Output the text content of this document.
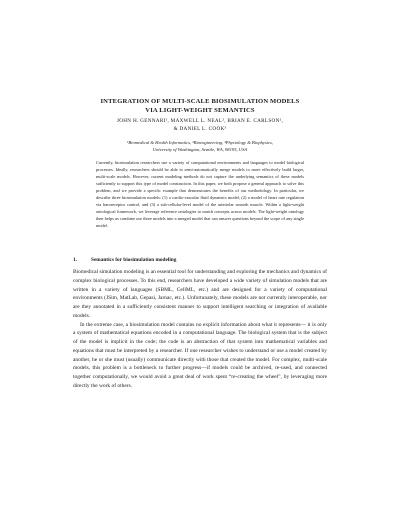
INTEGRATION OF MULTI-SCALE BIOSIMULATION MODELS
VIA LIGHT-WEIGHT SEMANTICS
JOHN H. GENNARI¹, MAXWELL L. NEAL², BRIAN E. CARLSON²,
& DANIEL L. COOK³
¹Biomedical & Health Informatics, ²Bioengineering, ³Physiology & Biophysics,
University of Washington, Seattle, WA, 98195, USA

Currently, biosimulation researchers use a variety of computational environments and languages to model biological processes. Ideally, researchers should be able to semi-automatically merge models to more effectively build larger, multi-scale models. However, current modeling methods do not capture the underlying semantics of these models sufficiently to support this type of model construction. In this paper, we both propose a general approach to solve this problem, and we provide a specific example that demonstrates the benefits of our methodology. In particular, we describe three biosimulation models: (1) a cardio-vascular fluid dynamics model, (2) a model of heart rate regulation via baroreceptor control, and (3) a sub-cellular-level model of the arteriolar smooth muscle. Within a light-weight ontological framework, we leverage reference ontologies to match concepts across models. The light-weight ontology then helps us combine our three models into a merged model that can answer questions beyond the scope of any single model.

1.	Semantics for biosimulation modeling

Biomedical simulation modeling is an essential tool for understanding and exploring the mechanics and dynamics of complex biological processes. To this end, researchers have developed a wide variety of simulation models that are written in a variety of languages (SBML, CellML, etc.) and are designed for a variety of computational environments (JSim, MatLab, Gepasi, Jarnac, etc.). Unfortunately, these models are not currently interoperable, nor are they annotated in a sufficiently consistent manner to support intelligent searching or integration of available models.

In the extreme case, a biosimulation model contains no explicit information about what it represents— it is only a system of mathematical equations encoded in a computational language. The biological system that is the subject of the model is implicit in the code; the code is an abstraction of that system into mathematical variables and equations that must be interpreted by a researcher. If one researcher wishes to understand or use a model created by another, he or she must (usually) communicate directly with those that created the model. For complex, multi-scale models, this problem is a bottleneck to further progress—if models could be archived, re-used, and connected together computationally, we would avoid a great deal of work spent “re-creating the wheel”, by leveraging more directly the work of others.
